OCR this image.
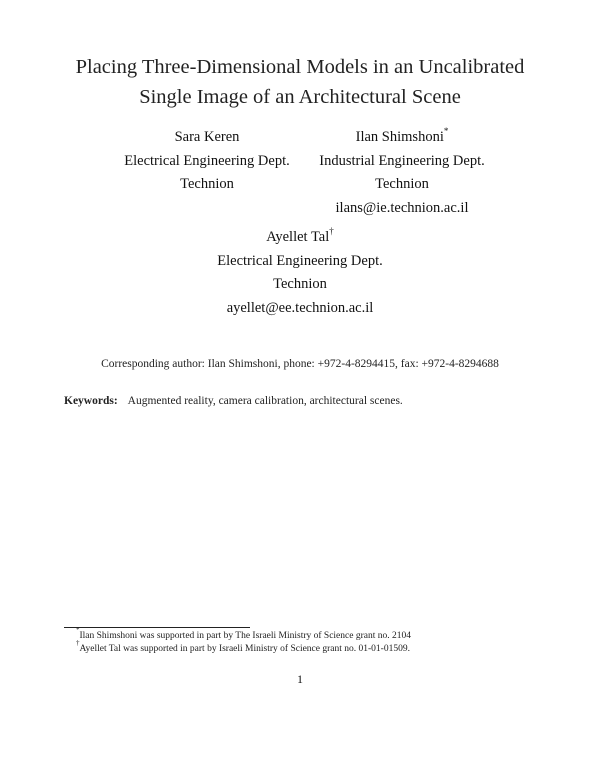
Placing Three-Dimensional Models in an Uncalibrated
Single Image of an Architectural Scene
Sara Keren
Electrical Engineering Dept.
Technion
Ilan Shimshoni*
Industrial Engineering Dept.
Technion
ilans@ie.technion.ac.il
Ayellet Tal†
Electrical Engineering Dept.
Technion
ayellet@ee.technion.ac.il
Corresponding author: Ilan Shimshoni, phone: +972-4-8294415, fax: +972-4-8294688
Keywords: Augmented reality, camera calibration, architectural scenes.
*Ilan Shimshoni was supported in part by The Israeli Ministry of Science grant no. 2104
†Ayellet Tal was supported in part by Israeli Ministry of Science grant no. 01-01-01509.
1
